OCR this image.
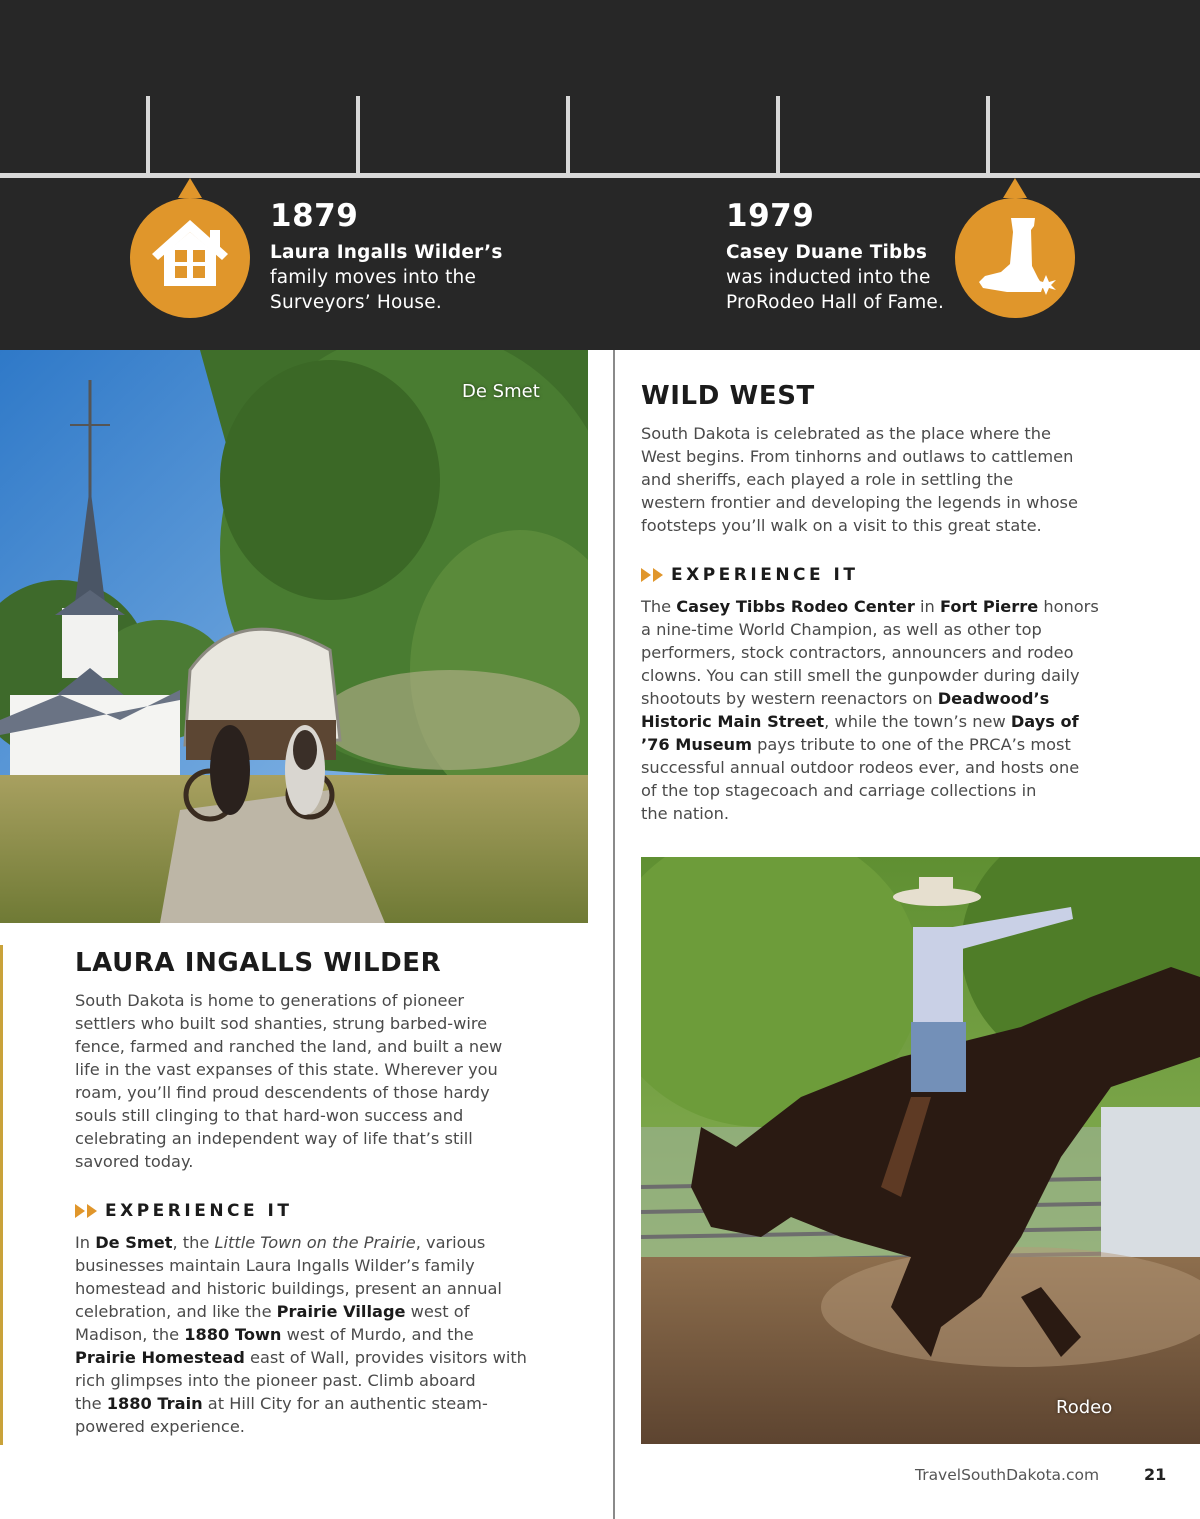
1879
Laura Ingalls Wilder’s
family moves into the
Surveyors’ House.
1979
Casey Duane Tibbs
was inducted into the
ProRodeo Hall of Fame.
De Smet
Rodeo
LAURA INGALLS WILDER
South Dakota is home to generations of pioneer
settlers who built sod shanties, strung barbed-wire
fence, farmed and ranched the land, and built a new
life in the vast expanses of this state. Wherever you
roam, you’ll find proud descendents of those hardy
souls still clinging to that hard-won success and
celebrating an independent way of life that’s still
savored today.
EXPERIENCE IT
In De Smet, the Little Town on the Prairie, various
businesses maintain Laura Ingalls Wilder’s family
homestead and historic buildings, present an annual
celebration, and like the Prairie Village west of
Madison, the 1880 Town west of Murdo, and the
Prairie Homestead east of Wall, provides visitors with
rich glimpses into the pioneer past. Climb aboard
the 1880 Train at Hill City for an authentic steam-
powered experience.
WILD WEST
South Dakota is celebrated as the place where the
West begins. From tinhorns and outlaws to cattlemen
and sheriffs, each played a role in settling the
western frontier and developing the legends in whose
footsteps you’ll walk on a visit to this great state.
EXPERIENCE IT
The Casey Tibbs Rodeo Center in Fort Pierre honors
a nine-time World Champion, as well as other top
performers, stock contractors, announcers and rodeo
clowns. You can still smell the gunpowder during daily
shootouts by western reenactors on Deadwood’s
Historic Main Street, while the town’s new Days of
’76 Museum pays tribute to one of the PRCA’s most
successful annual outdoor rodeos ever, and hosts one
of the top stagecoach and carriage collections in
the nation.
TravelSouthDakota.com	21
